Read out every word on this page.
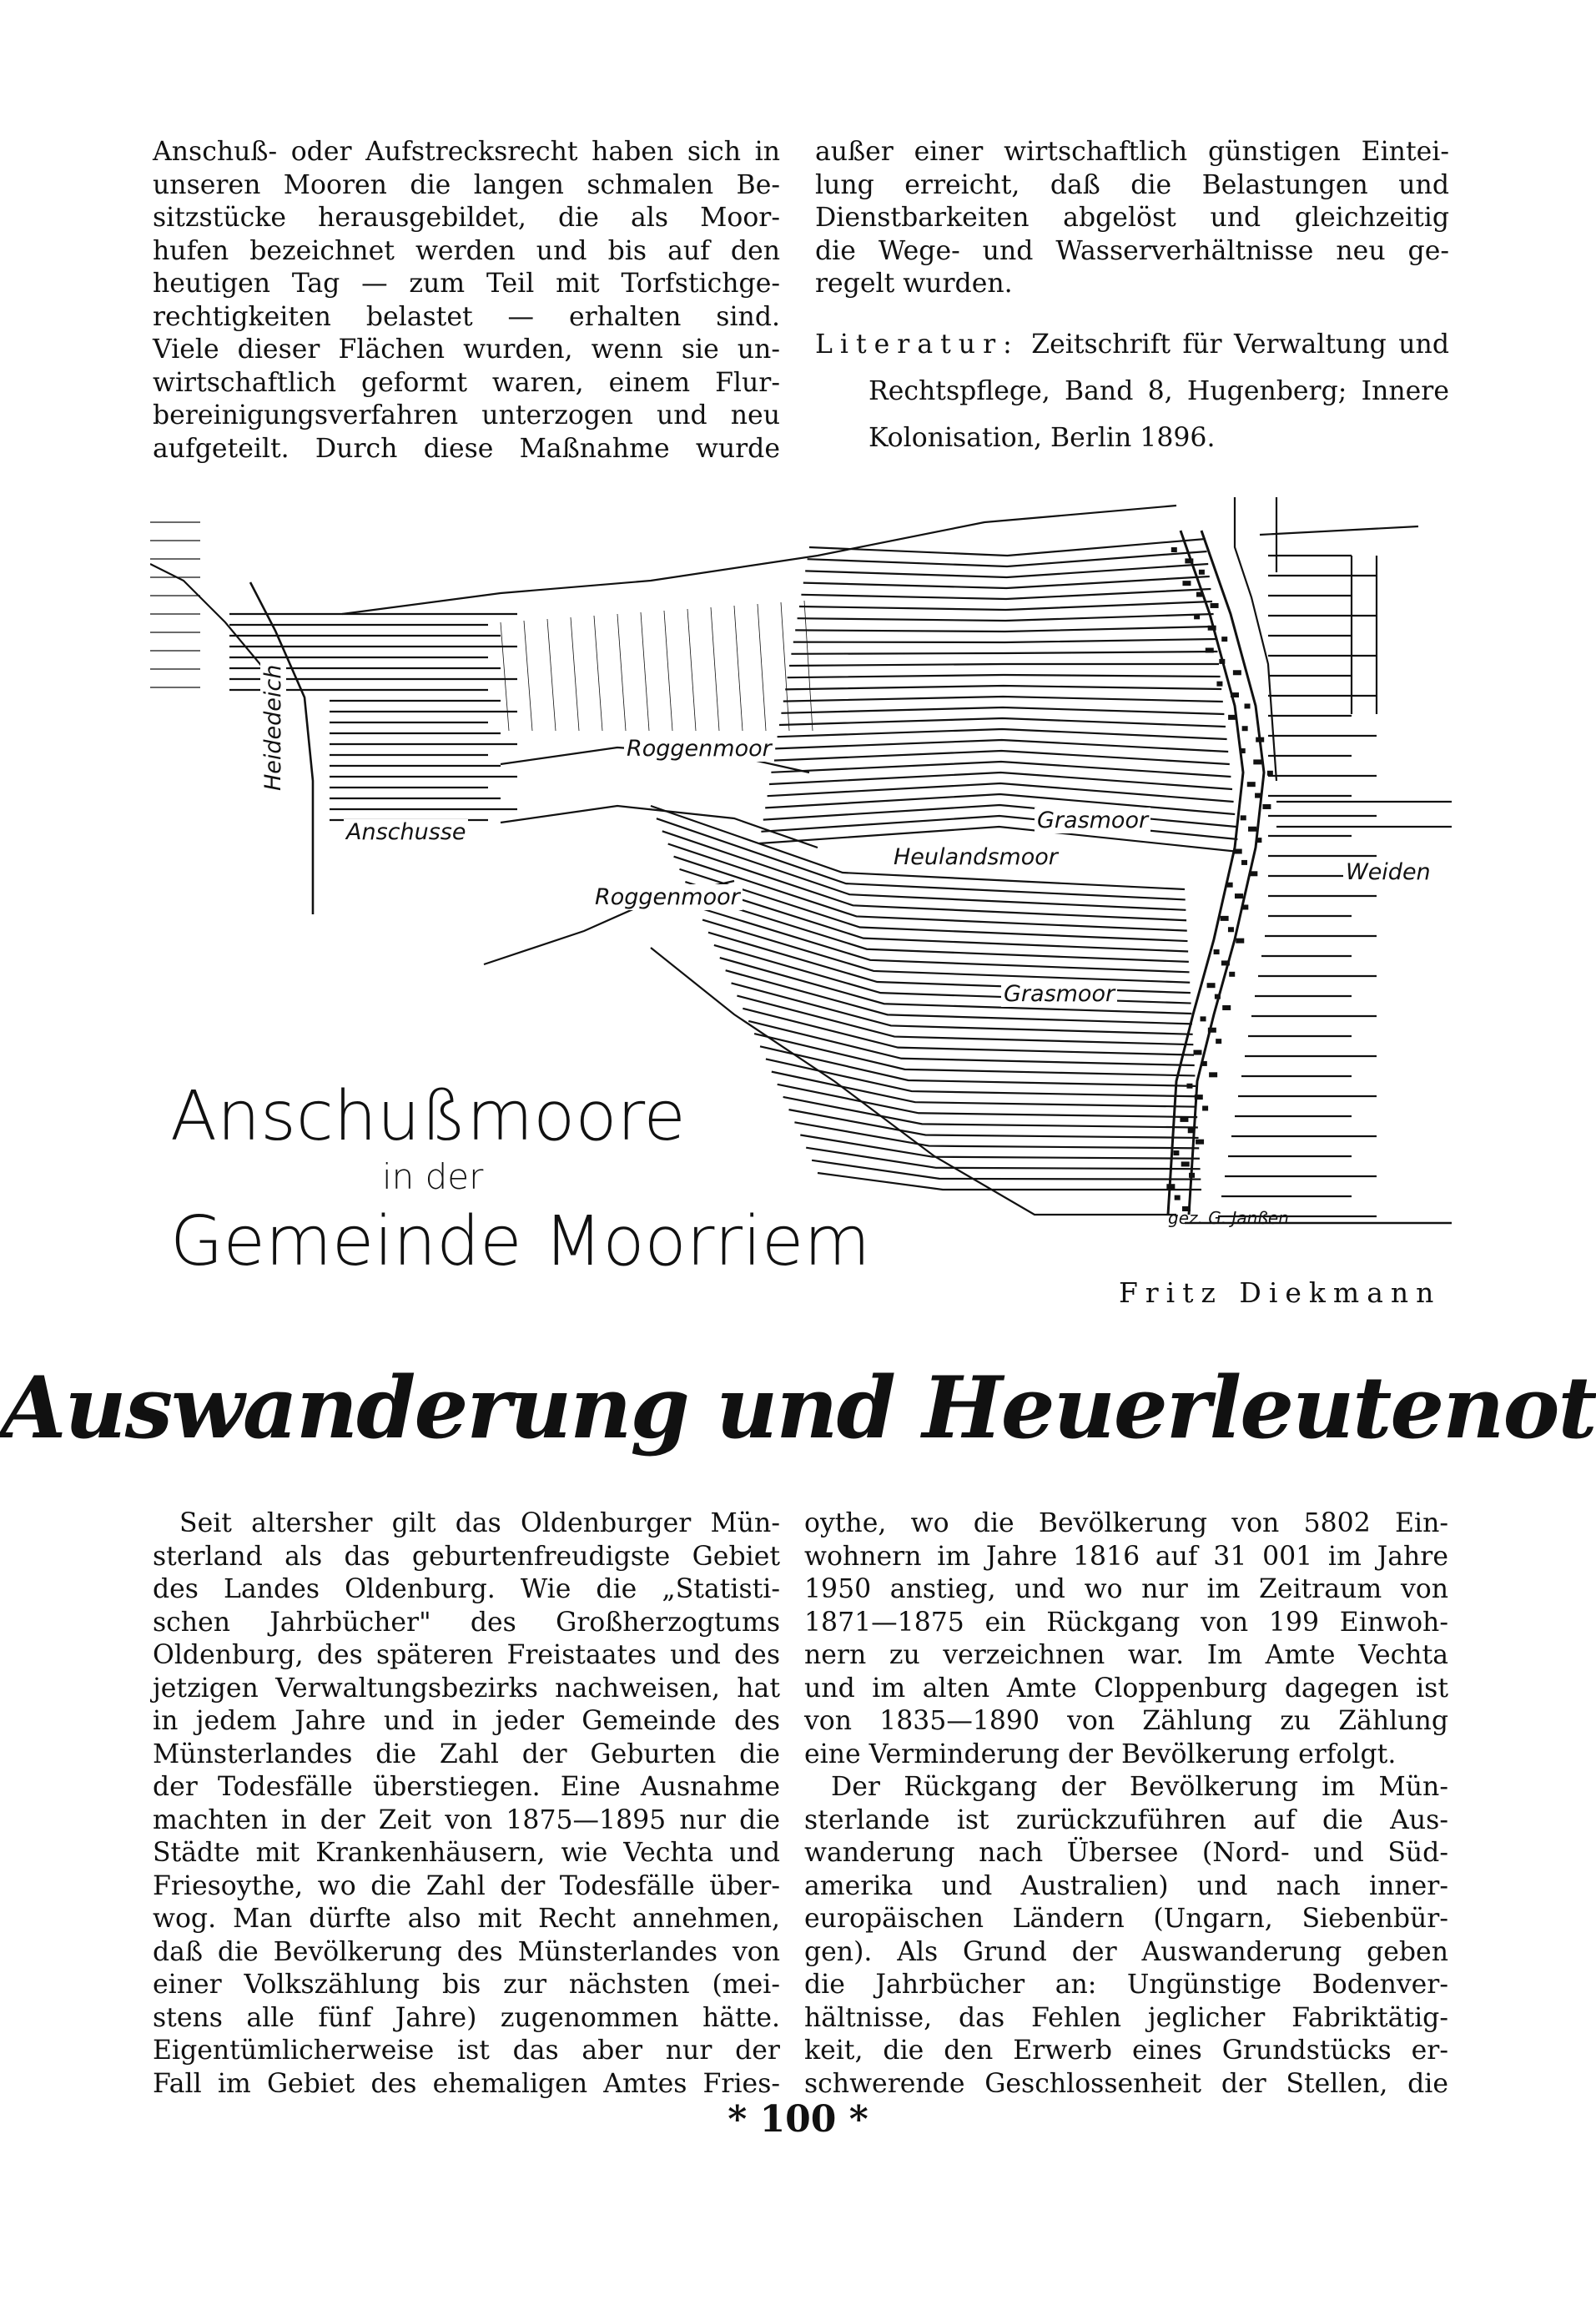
Anschuß- oder Aufstrecksrecht haben sich in
unseren Mooren die langen schmalen Be-
sitzstücke herausgebildet, die als Moor-
hufen bezeichnet werden und bis auf den
heutigen Tag — zum Teil mit Torfstichge-
rechtigkeiten belastet — erhalten sind.
Viele dieser Flächen wurden, wenn sie un-
wirtschaftlich geformt waren, einem Flur-
bereinigungsverfahren unterzogen und neu
aufgeteilt. Durch diese Maßnahme wurde
außer einer wirtschaftlich günstigen Eintei-
lung erreicht, daß die Belastungen und
Dienstbarkeiten abgelöst und gleichzeitig
die Wege- und Wasserverhältnisse neu ge-
regelt wurden.
Literatur: Zeitschrift für Verwaltung und
Rechtspflege, Band 8, Hugenberg; Innere
Kolonisation, Berlin 1896.
Anschußmoore
in der
Gemeinde Moorriem
Heidedeich	Roggenmoor
Anschusse
Roggenmoor
Grasmoor
Heulandsmoor
Weiden
Grasmoor
gez. G. Janßen
Fritz Diekmann
Auswanderung und Heuerleutenot
Seit altersher gilt das Oldenburger Mün-
sterland als das geburtenfreudigste Gebiet
des Landes Oldenburg. Wie die „Statisti-
schen Jahrbücher" des Großherzogtums
Oldenburg, des späteren Freistaates und des
jetzigen Verwaltungsbezirks nachweisen, hat
in jedem Jahre und in jeder Gemeinde des
Münsterlandes die Zahl der Geburten die
der Todesfälle überstiegen. Eine Ausnahme
machten in der Zeit von 1875—1895 nur die
Städte mit Krankenhäusern, wie Vechta und
Friesoythe, wo die Zahl der Todesfälle über-
wog. Man dürfte also mit Recht annehmen,
daß die Bevölkerung des Münsterlandes von
einer Volkszählung bis zur nächsten (mei-
stens alle fünf Jahre) zugenommen hätte.
Eigentümlicherweise ist das aber nur der
Fall im Gebiet des ehemaligen Amtes Fries-
oythe, wo die Bevölkerung von 5802 Ein-
wohnern im Jahre 1816 auf 31 001 im Jahre
1950 anstieg, und wo nur im Zeitraum von
1871—1875 ein Rückgang von 199 Einwoh-
nern zu verzeichnen war. Im Amte Vechta
und im alten Amte Cloppenburg dagegen ist
von 1835—1890 von Zählung zu Zählung
eine Verminderung der Bevölkerung erfolgt.
Der Rückgang der Bevölkerung im Mün-
sterlande ist zurückzuführen auf die Aus-
wanderung nach Übersee (Nord- und Süd-
amerika und Australien) und nach inner-
europäischen Ländern (Ungarn, Siebenbür-
gen). Als Grund der Auswanderung geben
die Jahrbücher an: Ungünstige Bodenver-
hältnisse, das Fehlen jeglicher Fabriktätig-
keit, die den Erwerb eines Grundstücks er-
schwerende Geschlossenheit der Stellen, die
* 100 *
